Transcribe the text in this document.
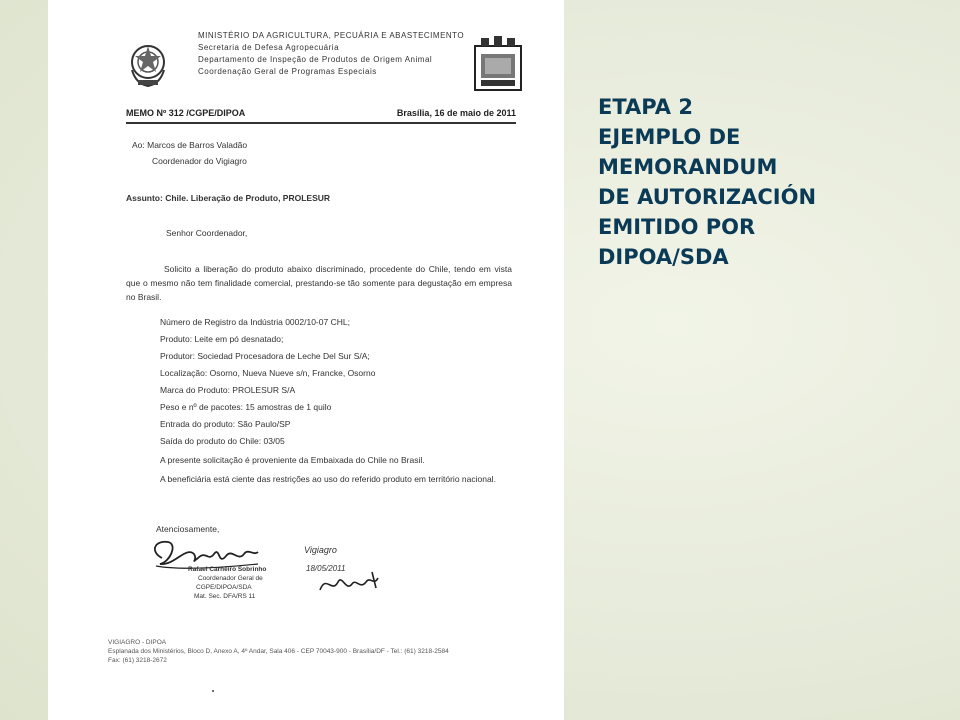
MINISTÉRIO DA AGRICULTURA, PECUÁRIA E ABASTECIMENTO
Secretaria de Defesa Agropecuária
Departamento de Inspeção de Produtos de Origem Animal
Coordenação Geral de Programas Especiais
MEMO Nº 312 /CGPE/DIPOA	Brasília, 16 de maio de 2011
Ao: Marcos de Barros Valadão
Coordenador do Vigiagro
Assunto: Chile. Liberação de Produto, PROLESUR
Senhor Coordenador,
Solicito a liberação do produto abaixo discriminado, procedente do Chile, tendo em vista que o mesmo não tem finalidade comercial, prestando-se tão somente para degustação em empresa no Brasil.
Número de Registro da Indústria 0002/10-07 CHL;
Produto: Leite em pó desnatado;
Produtor: Sociedad Procesadora de Leche Del Sur S/A;
Localização: Osorno, Nueva Nueve s/n, Francke, Osorno
Marca do Produto: PROLESUR S/A
Peso e nº de pacotes: 15 amostras de 1 quilo
Entrada do produto: São Paulo/SP
Saída do produto do Chile: 03/05
A presente solicitação é proveniente da Embaixada do Chile no Brasil.
A beneficiária está ciente das restrições ao uso do referido produto em território nacional.
Atenciosamente,
Rafael Carneiro Sobrinho
Coordenador Geral de
CGPE/DIPOA/SDA
Mat. Sec. DFA/RS 11
Vigiagro
18/05/2011
VIGIAGRO - DIPOA
Esplanada dos Ministérios, Bloco D, Anexo A, 4º Andar, Sala 406 - CEP 70043-900 - Brasília/DF - Tel.: (61) 3218-2584
Fax: (61) 3218-2672
ETAPA 2
EJEMPLO DE
MEMORANDUM
DE AUTORIZACIÓN
EMITIDO POR
DIPOA/SDA
